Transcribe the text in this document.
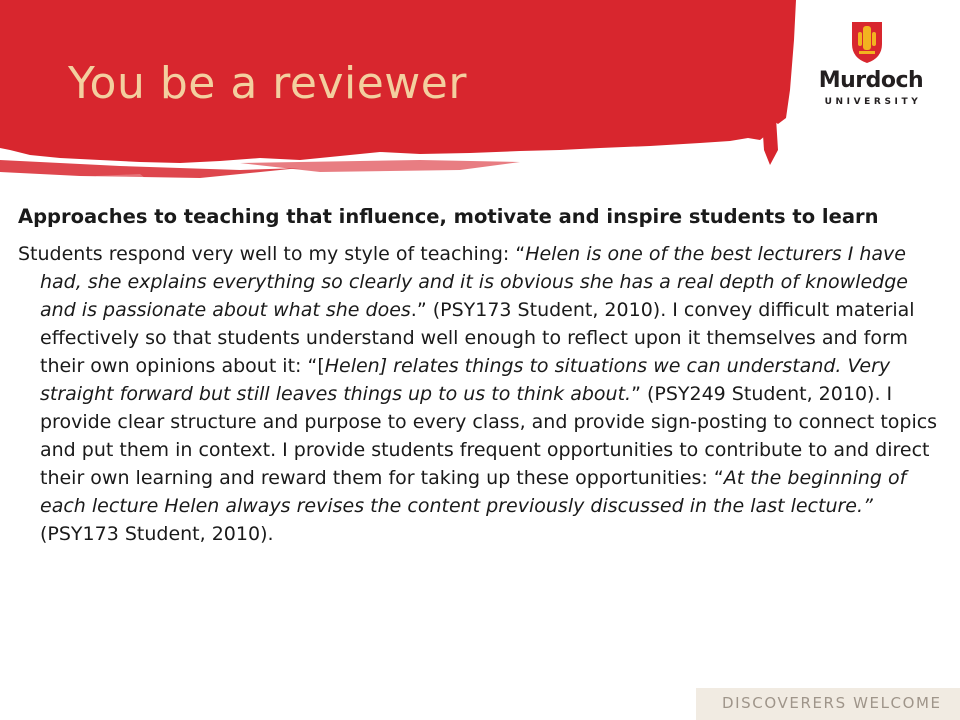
You be a reviewer	Murdoch
UNIVERSITY

Approaches to teaching that influence, motivate and inspire students to learn

Students respond very well to my style of teaching: “Helen is one of the best lecturers I have had, she explains everything so clearly and it is obvious she has a real depth of knowledge and is passionate about what she does.” (PSY173 Student, 2010). I convey difficult material effectively so that students understand well enough to reflect upon it themselves and form their own opinions about it: “[Helen] relates things to situations we can understand. Very straight forward but still leaves things up to us to think about.” (PSY249 Student, 2010). I provide clear structure and purpose to every class, and provide sign-posting to connect topics and put them in context. I provide students frequent opportunities to contribute to and direct their own learning and reward them for taking up these opportunities: “At the beginning of each lecture Helen always revises the content previously discussed in the last lecture.” (PSY173 Student, 2010).

DISCOVERERS WELCOME
